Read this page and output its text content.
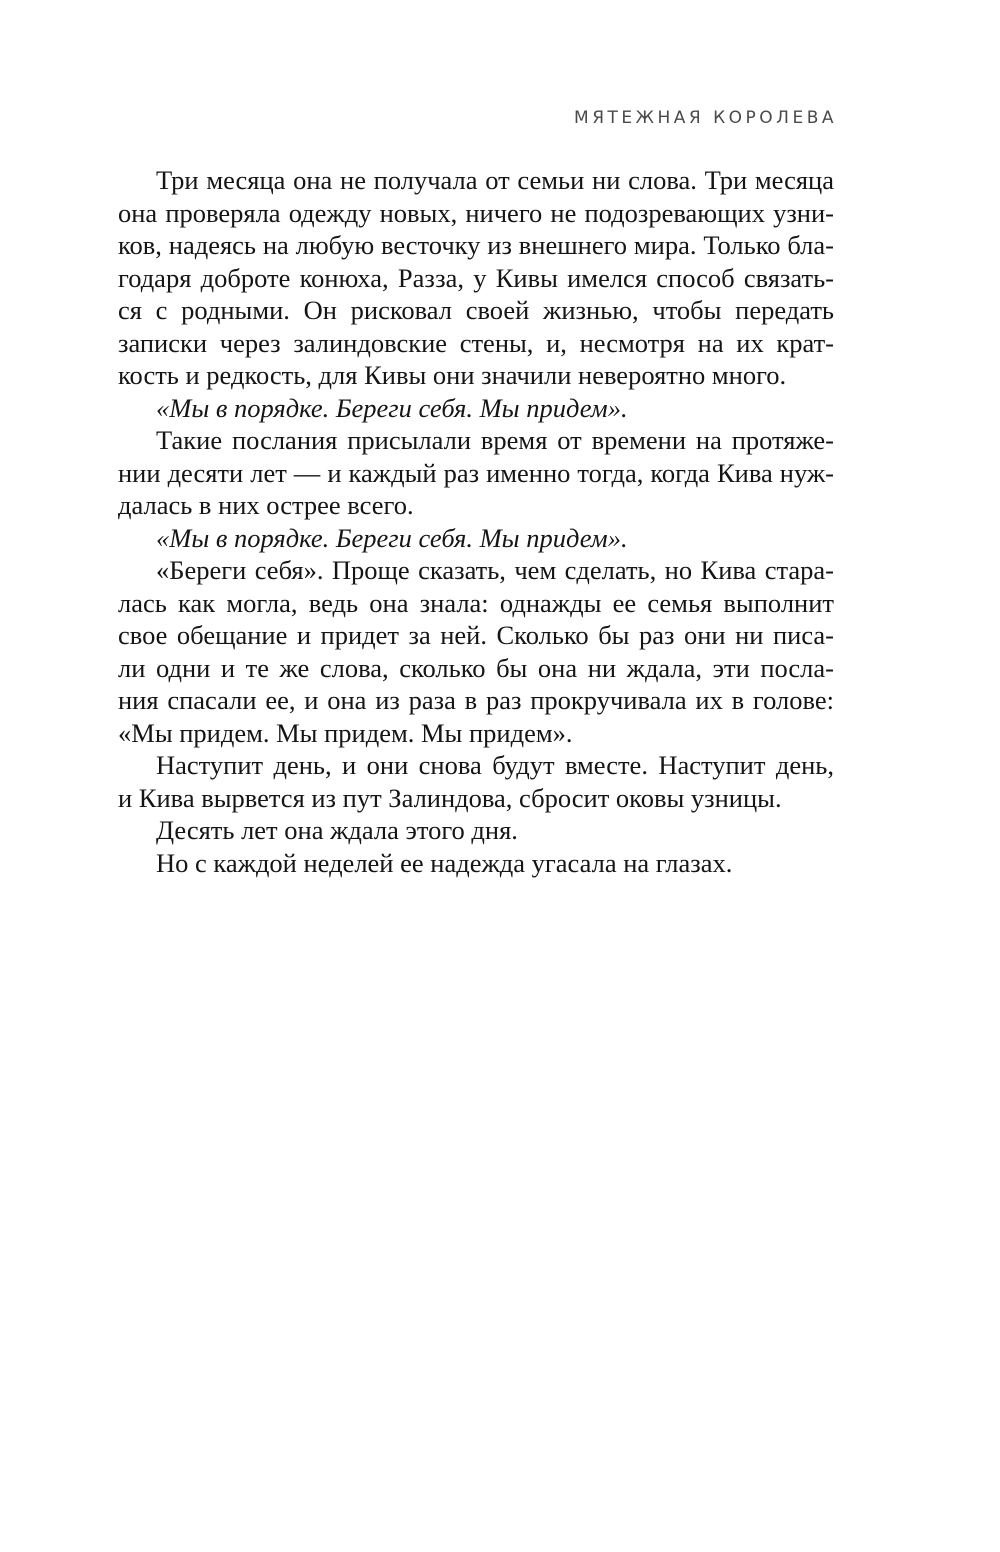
МЯТЕЖНАЯ КОРОЛЕВА
Три месяца она не получала от семьи ни слова. Три месяца
она проверяла одежду новых, ничего не подозревающих узни-
ков, надеясь на любую весточку из внешнего мира. Только бла-
годаря доброте конюха, Разза, у Кивы имелся способ связать-
ся с родными. Он рисковал своей жизнью, чтобы передать
записки через залиндовские стены, и, несмотря на их крат-
кость и редкость, для Кивы они значили невероятно много.
«Мы в порядке. Береги себя. Мы придем».
Такие послания присылали время от времени на протяже-
нии десяти лет — и каждый раз именно тогда, когда Кива нуж-
далась в них острее всего.
«Мы в порядке. Береги себя. Мы придем».
«Береги себя». Проще сказать, чем сделать, но Кива стара-
лась как могла, ведь она знала: однажды ее семья выполнит
свое обещание и придет за ней. Сколько бы раз они ни писа-
ли одни и те же слова, сколько бы она ни ждала, эти посла-
ния спасали ее, и она из раза в раз прокручивала их в голове:
«Мы придем. Мы придем. Мы придем».
Наступит день, и они снова будут вместе. Наступит день,
и Кива вырвется из пут Залиндова, сбросит оковы узницы.
Десять лет она ждала этого дня.
Но с каждой неделей ее надежда угасала на глазах.
